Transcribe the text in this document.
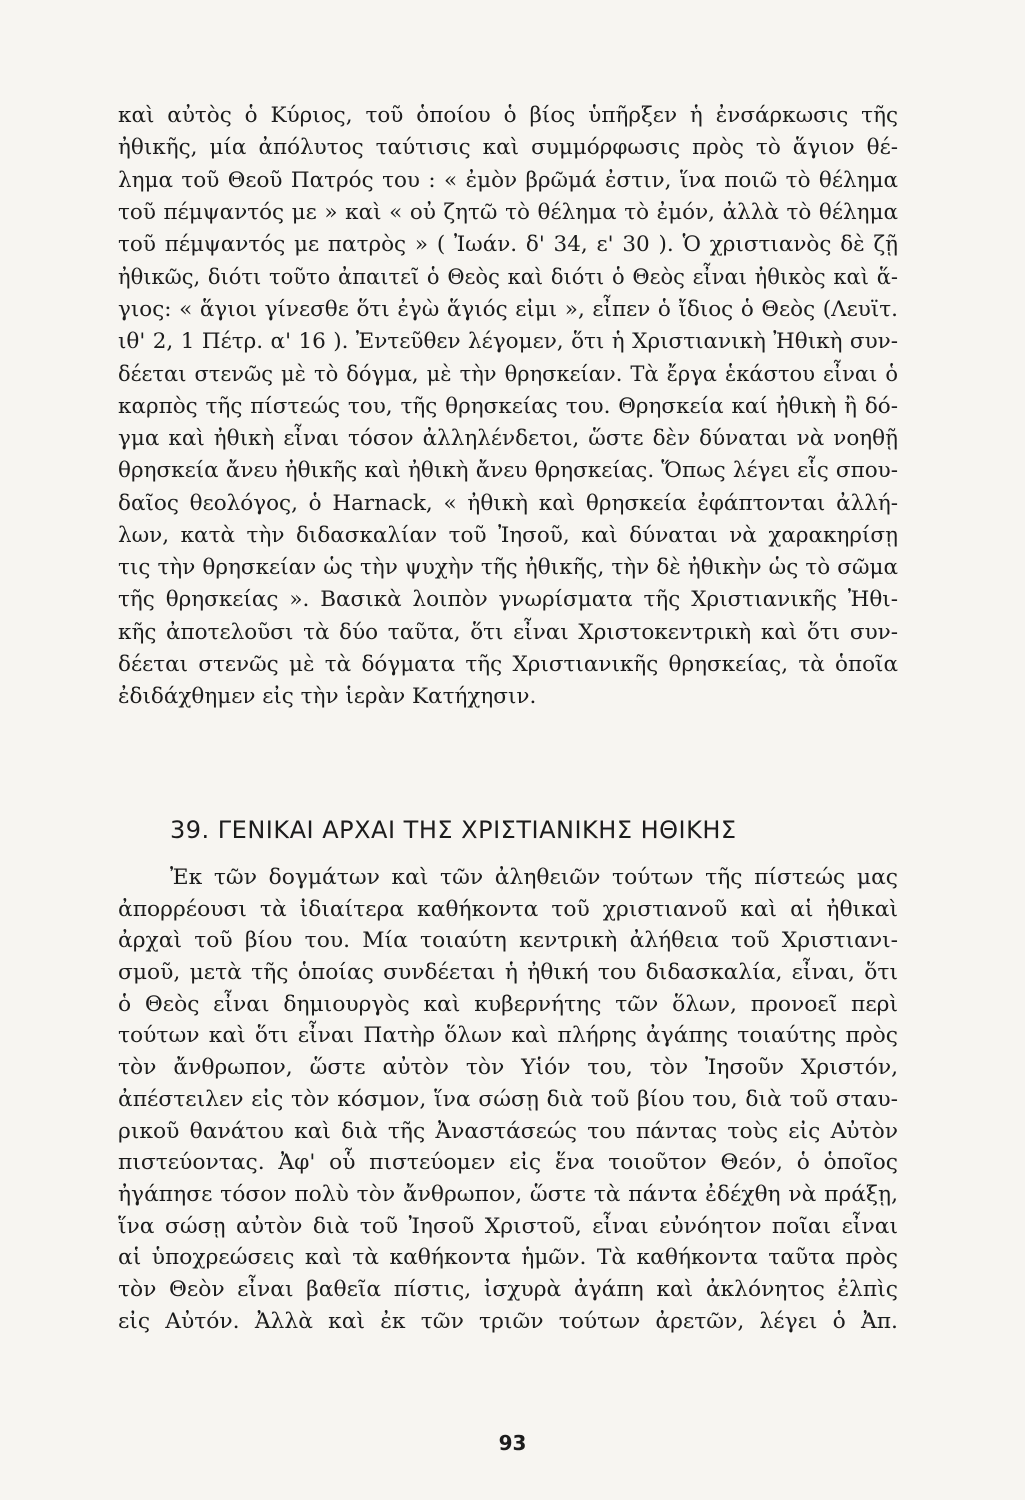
καὶ αὐτὸς ὁ Κύριος, τοῦ ὁποίου ὁ βίος ὑπῆρξεν ἡ ἐνσάρκωσις τῆς
ἠθικῆς, μία ἀπόλυτος ταύτισις καὶ συμμόρφωσις πρὸς τὸ ἅγιον θέ-
λημα τοῦ Θεοῦ Πατρός του : « ἐμὸν βρῶμά ἐστιν, ἵνα ποιῶ τὸ θέλημα
τοῦ πέμψαντός με » καὶ « οὐ ζητῶ τὸ θέλημα τὸ ἐμόν, ἀλλὰ τὸ θέλημα
τοῦ πέμψαντός με πατρὸς » ( Ἰωάν. δ' 34, ε' 30 ). Ὁ χριστιανὸς δὲ ζῇ
ἠθικῶς, διότι τοῦτο ἀπαιτεῖ ὁ Θεὸς καὶ διότι ὁ Θεὸς εἶναι ἠθικὸς καὶ ἅ-
γιος: « ἅγιοι γίνεσθε ὅτι ἐγὼ ἅγιός εἰμι », εἶπεν ὁ ἴδιος ὁ Θεὸς (Λευϊτ.
ιθ' 2, 1 Πέτρ. α' 16 ). Ἐντεῦθεν λέγομεν, ὅτι ἡ Χριστιανικὴ Ἠθικὴ συν-
δέεται στενῶς μὲ τὸ δόγμα, μὲ τὴν θρησκείαν. Τὰ ἔργα ἑκάστου εἶναι ὁ
καρπὸς τῆς πίστεώς του, τῆς θρησκείας του. Θρησκεία καί ἠθικὴ ἢ δό-
γμα καὶ ἠθικὴ εἶναι τόσον ἀλληλένδετοι, ὥστε δὲν δύναται νὰ νοηθῇ
θρησκεία ἄνευ ἠθικῆς καὶ ἠθικὴ ἄνευ θρησκείας. Ὅπως λέγει εἷς σπου-
δαῖος θεολόγος, ὁ Harnack, « ἠθικὴ καὶ θρησκεία ἐφάπτονται ἀλλή-
λων, κατὰ τὴν διδασκαλίαν τοῦ Ἰησοῦ, καὶ δύναται νὰ χαρακηρίσῃ
τις τὴν θρησκείαν ὡς τὴν ψυχὴν τῆς ἠθικῆς, τὴν δὲ ἠθικὴν ὡς τὸ σῶμα
τῆς θρησκείας ». Βασικὰ λοιπὸν γνωρίσματα τῆς Χριστιανικῆς Ἠθι-
κῆς ἀποτελοῦσι τὰ δύο ταῦτα, ὅτι εἶναι Χριστοκεντρικὴ καὶ ὅτι συν-
δέεται στενῶς μὲ τὰ δόγματα τῆς Χριστιανικῆς θρησκείας, τὰ ὁποῖα
ἐδιδάχθημεν εἰς τὴν ἱερὰν Κατήχησιν.
39. ΓΕΝΙΚΑΙ ΑΡΧΑΙ ΤΗΣ ΧΡΙΣΤΙΑΝΙΚΗΣ ΗΘΙΚΗΣ
Ἐκ τῶν δογμάτων καὶ τῶν ἀληθειῶν τούτων τῆς πίστεώς μας
ἀπορρέουσι τὰ ἰδιαίτερα καθήκοντα τοῦ χριστιανοῦ καὶ αἱ ἠθικαὶ
ἀρχαὶ τοῦ βίου του. Μία τοιαύτη κεντρικὴ ἀλήθεια τοῦ Χριστιανι-
σμοῦ, μετὰ τῆς ὁποίας συνδέεται ἡ ἠθική του διδασκαλία, εἶναι, ὅτι
ὁ Θεὸς εἶναι δημιουργὸς καὶ κυβερνήτης τῶν ὅλων, προνοεῖ περὶ
τούτων καὶ ὅτι εἶναι Πατὴρ ὅλων καὶ πλήρης ἀγάπης τοιαύτης πρὸς
τὸν ἄνθρωπον, ὥστε αὐτὸν τὸν Υἱόν του, τὸν Ἰησοῦν Χριστόν,
ἀπέστειλεν εἰς τὸν κόσμον, ἵνα σώσῃ διὰ τοῦ βίου του, διὰ τοῦ σταυ-
ρικοῦ θανάτου καὶ διὰ τῆς Ἀναστάσεώς του πάντας τοὺς εἰς Αὐτὸν
πιστεύοντας. Ἀφ' οὗ πιστεύομεν εἰς ἕνα τοιοῦτον Θεόν, ὁ ὁποῖος
ἠγάπησε τόσον πολὺ τὸν ἄνθρωπον, ὥστε τὰ πάντα ἐδέχθη νὰ πράξῃ,
ἵνα σώσῃ αὐτὸν διὰ τοῦ Ἰησοῦ Χριστοῦ, εἶναι εὐνόητον ποῖαι εἶναι
αἱ ὑποχρεώσεις καὶ τὰ καθήκοντα ἡμῶν. Τὰ καθήκοντα ταῦτα πρὸς
τὸν Θεὸν εἶναι βαθεῖα πίστις, ἰσχυρὰ ἀγάπη καὶ ἀκλόνητος ἐλπὶς
εἰς Αὐτόν. Ἀλλὰ καὶ ἐκ τῶν τριῶν τούτων ἀρετῶν, λέγει ὁ Ἀπ.
93
